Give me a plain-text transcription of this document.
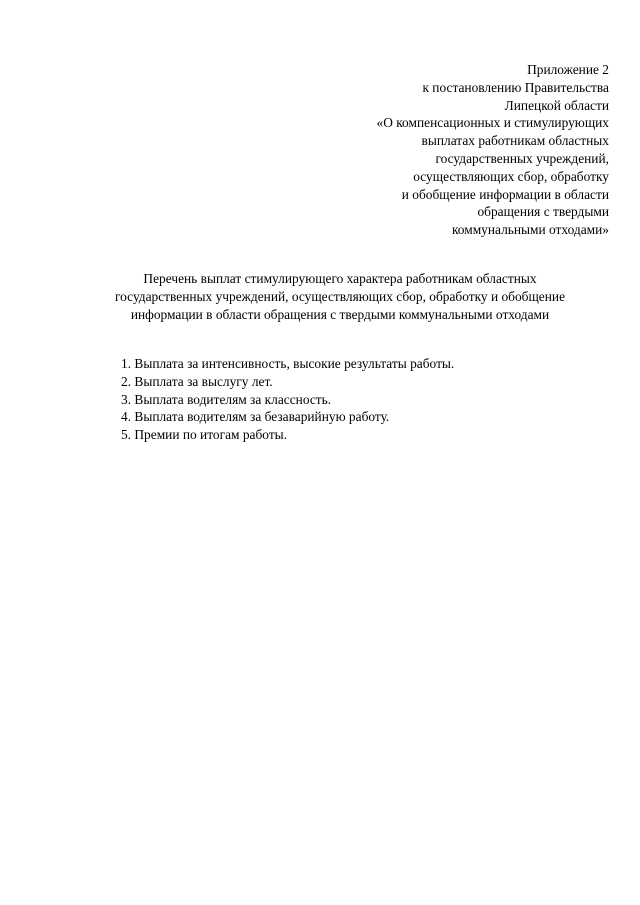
Приложение 2
к постановлению Правительства
Липецкой области
«О компенсационных и стимулирующих
выплатах работникам областных
государственных учреждений,
осуществляющих сбор, обработку
и обобщение информации в области
обращения с твердыми
коммунальными отходами»
Перечень выплат стимулирующего характера работникам областных
государственных учреждений, осуществляющих сбор, обработку и обобщение
информации в области обращения с твердыми коммунальными отходами
1. Выплата за интенсивность, высокие результаты работы.
2. Выплата за выслугу лет.
3. Выплата водителям за классность.
4. Выплата водителям за безаварийную работу.
5. Премии по итогам работы.
